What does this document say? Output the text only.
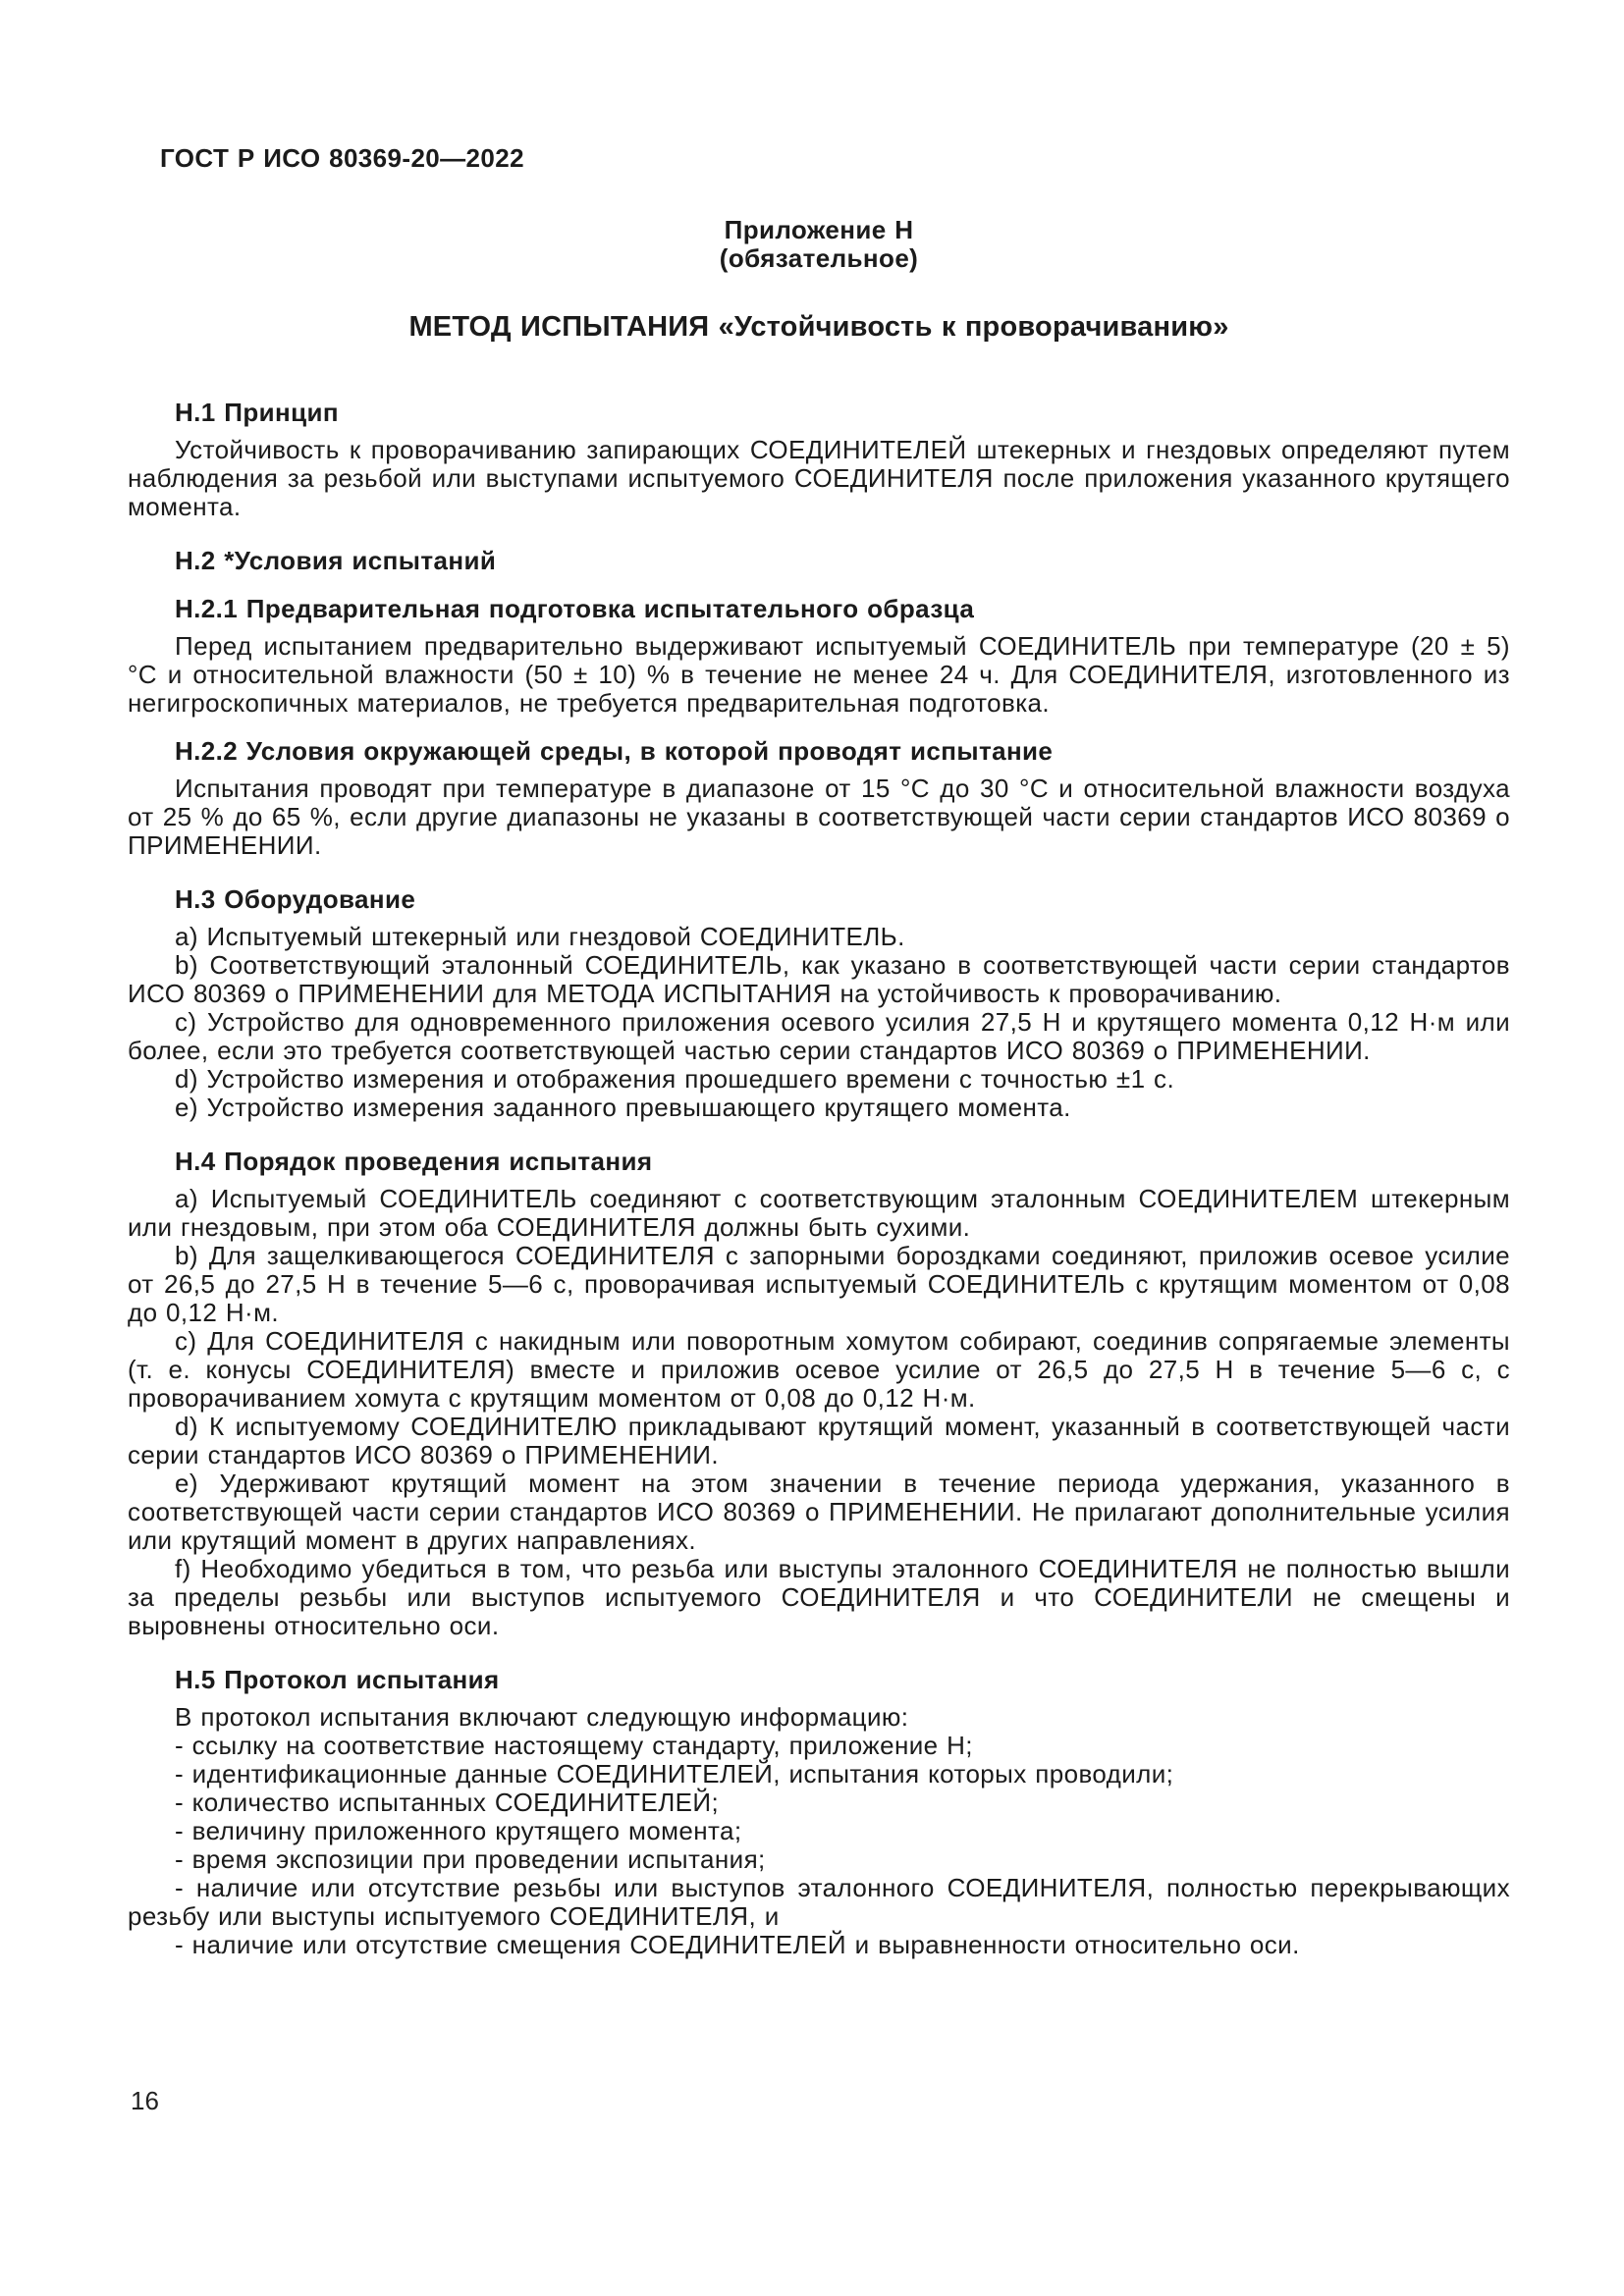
ГОСТ Р ИСО 80369-20—2022

Приложение Н

(обязательное)

МЕТОД ИСПЫТАНИЯ «Устойчивость к проворачиванию»

Н.1 Принцип

Устойчивость к проворачиванию запирающих СОЕДИНИТЕЛЕЙ штекерных и гнездовых определяют путем наблюдения за резьбой или выступами испытуемого СОЕДИНИТЕЛЯ после приложения указанного крутящего момента.

Н.2 *Условия испытаний

Н.2.1 Предварительная подготовка испытательного образца

Перед испытанием предварительно выдерживают испытуемый СОЕДИНИТЕЛЬ при температуре (20 ± 5) °С и относительной влажности (50 ± 10) % в течение не менее 24 ч. Для СОЕДИНИТЕЛЯ, изготовленного из негигроскопичных материалов, не требуется предварительная подготовка.

Н.2.2 Условия окружающей среды, в которой проводят испытание

Испытания проводят при температуре в диапазоне от 15 °С до 30 °С и относительной влажности воздуха от 25 % до 65 %, если другие диапазоны не указаны в соответствующей части серии стандартов ИСО 80369 о ПРИМЕНЕНИИ.

Н.3 Оборудование

a) Испытуемый штекерный или гнездовой СОЕДИНИТЕЛЬ.

b) Соответствующий эталонный СОЕДИНИТЕЛЬ, как указано в соответствующей части серии стандартов ИСО 80369 о ПРИМЕНЕНИИ для МЕТОДА ИСПЫТАНИЯ на устойчивость к проворачиванию.

c) Устройство для одновременного приложения осевого усилия 27,5 Н и крутящего момента 0,12 Н·м или более, если это требуется соответствующей частью серии стандартов ИСО 80369 о ПРИМЕНЕНИИ.

d) Устройство измерения и отображения прошедшего времени с точностью ±1 с.

e) Устройство измерения заданного превышающего крутящего момента.

Н.4 Порядок проведения испытания

a) Испытуемый СОЕДИНИТЕЛЬ соединяют с соответствующим эталонным СОЕДИНИТЕЛЕМ штекерным или гнездовым, при этом оба СОЕДИНИТЕЛЯ должны быть сухими.

b) Для защелкивающегося СОЕДИНИТЕЛЯ с запорными бороздками соединяют, приложив осевое усилие от 26,5 до 27,5 Н в течение 5—6 с, проворачивая испытуемый СОЕДИНИТЕЛЬ с крутящим моментом от 0,08 до 0,12 Н·м.

c) Для СОЕДИНИТЕЛЯ с накидным или поворотным хомутом собирают, соединив сопрягаемые элементы (т. е. конусы СОЕДИНИТЕЛЯ) вместе и приложив осевое усилие от 26,5 до 27,5 Н в течение 5—6 с, с проворачиванием хомута с крутящим моментом от 0,08 до 0,12 Н·м.

d) К испытуемому СОЕДИНИТЕЛЮ прикладывают крутящий момент, указанный в соответствующей части серии стандартов ИСО 80369 о ПРИМЕНЕНИИ.

e) Удерживают крутящий момент на этом значении в течение периода удержания, указанного в соответствующей части серии стандартов ИСО 80369 о ПРИМЕНЕНИИ. Не прилагают дополнительные усилия или крутящий момент в других направлениях.

f) Необходимо убедиться в том, что резьба или выступы эталонного СОЕДИНИТЕЛЯ не полностью вышли за пределы резьбы или выступов испытуемого СОЕДИНИТЕЛЯ и что СОЕДИНИТЕЛИ не смещены и выровнены относительно оси.

Н.5 Протокол испытания

В протокол испытания включают следующую информацию:

- ссылку на соответствие настоящему стандарту, приложение Н;

- идентификационные данные СОЕДИНИТЕЛЕЙ, испытания которых проводили;

- количество испытанных СОЕДИНИТЕЛЕЙ;

- величину приложенного крутящего момента;

- время экспозиции при проведении испытания;

- наличие или отсутствие резьбы или выступов эталонного СОЕДИНИТЕЛЯ, полностью перекрывающих резьбу или выступы испытуемого СОЕДИНИТЕЛЯ, и

- наличие или отсутствие смещения СОЕДИНИТЕЛЕЙ и выравненности относительно оси.

16
